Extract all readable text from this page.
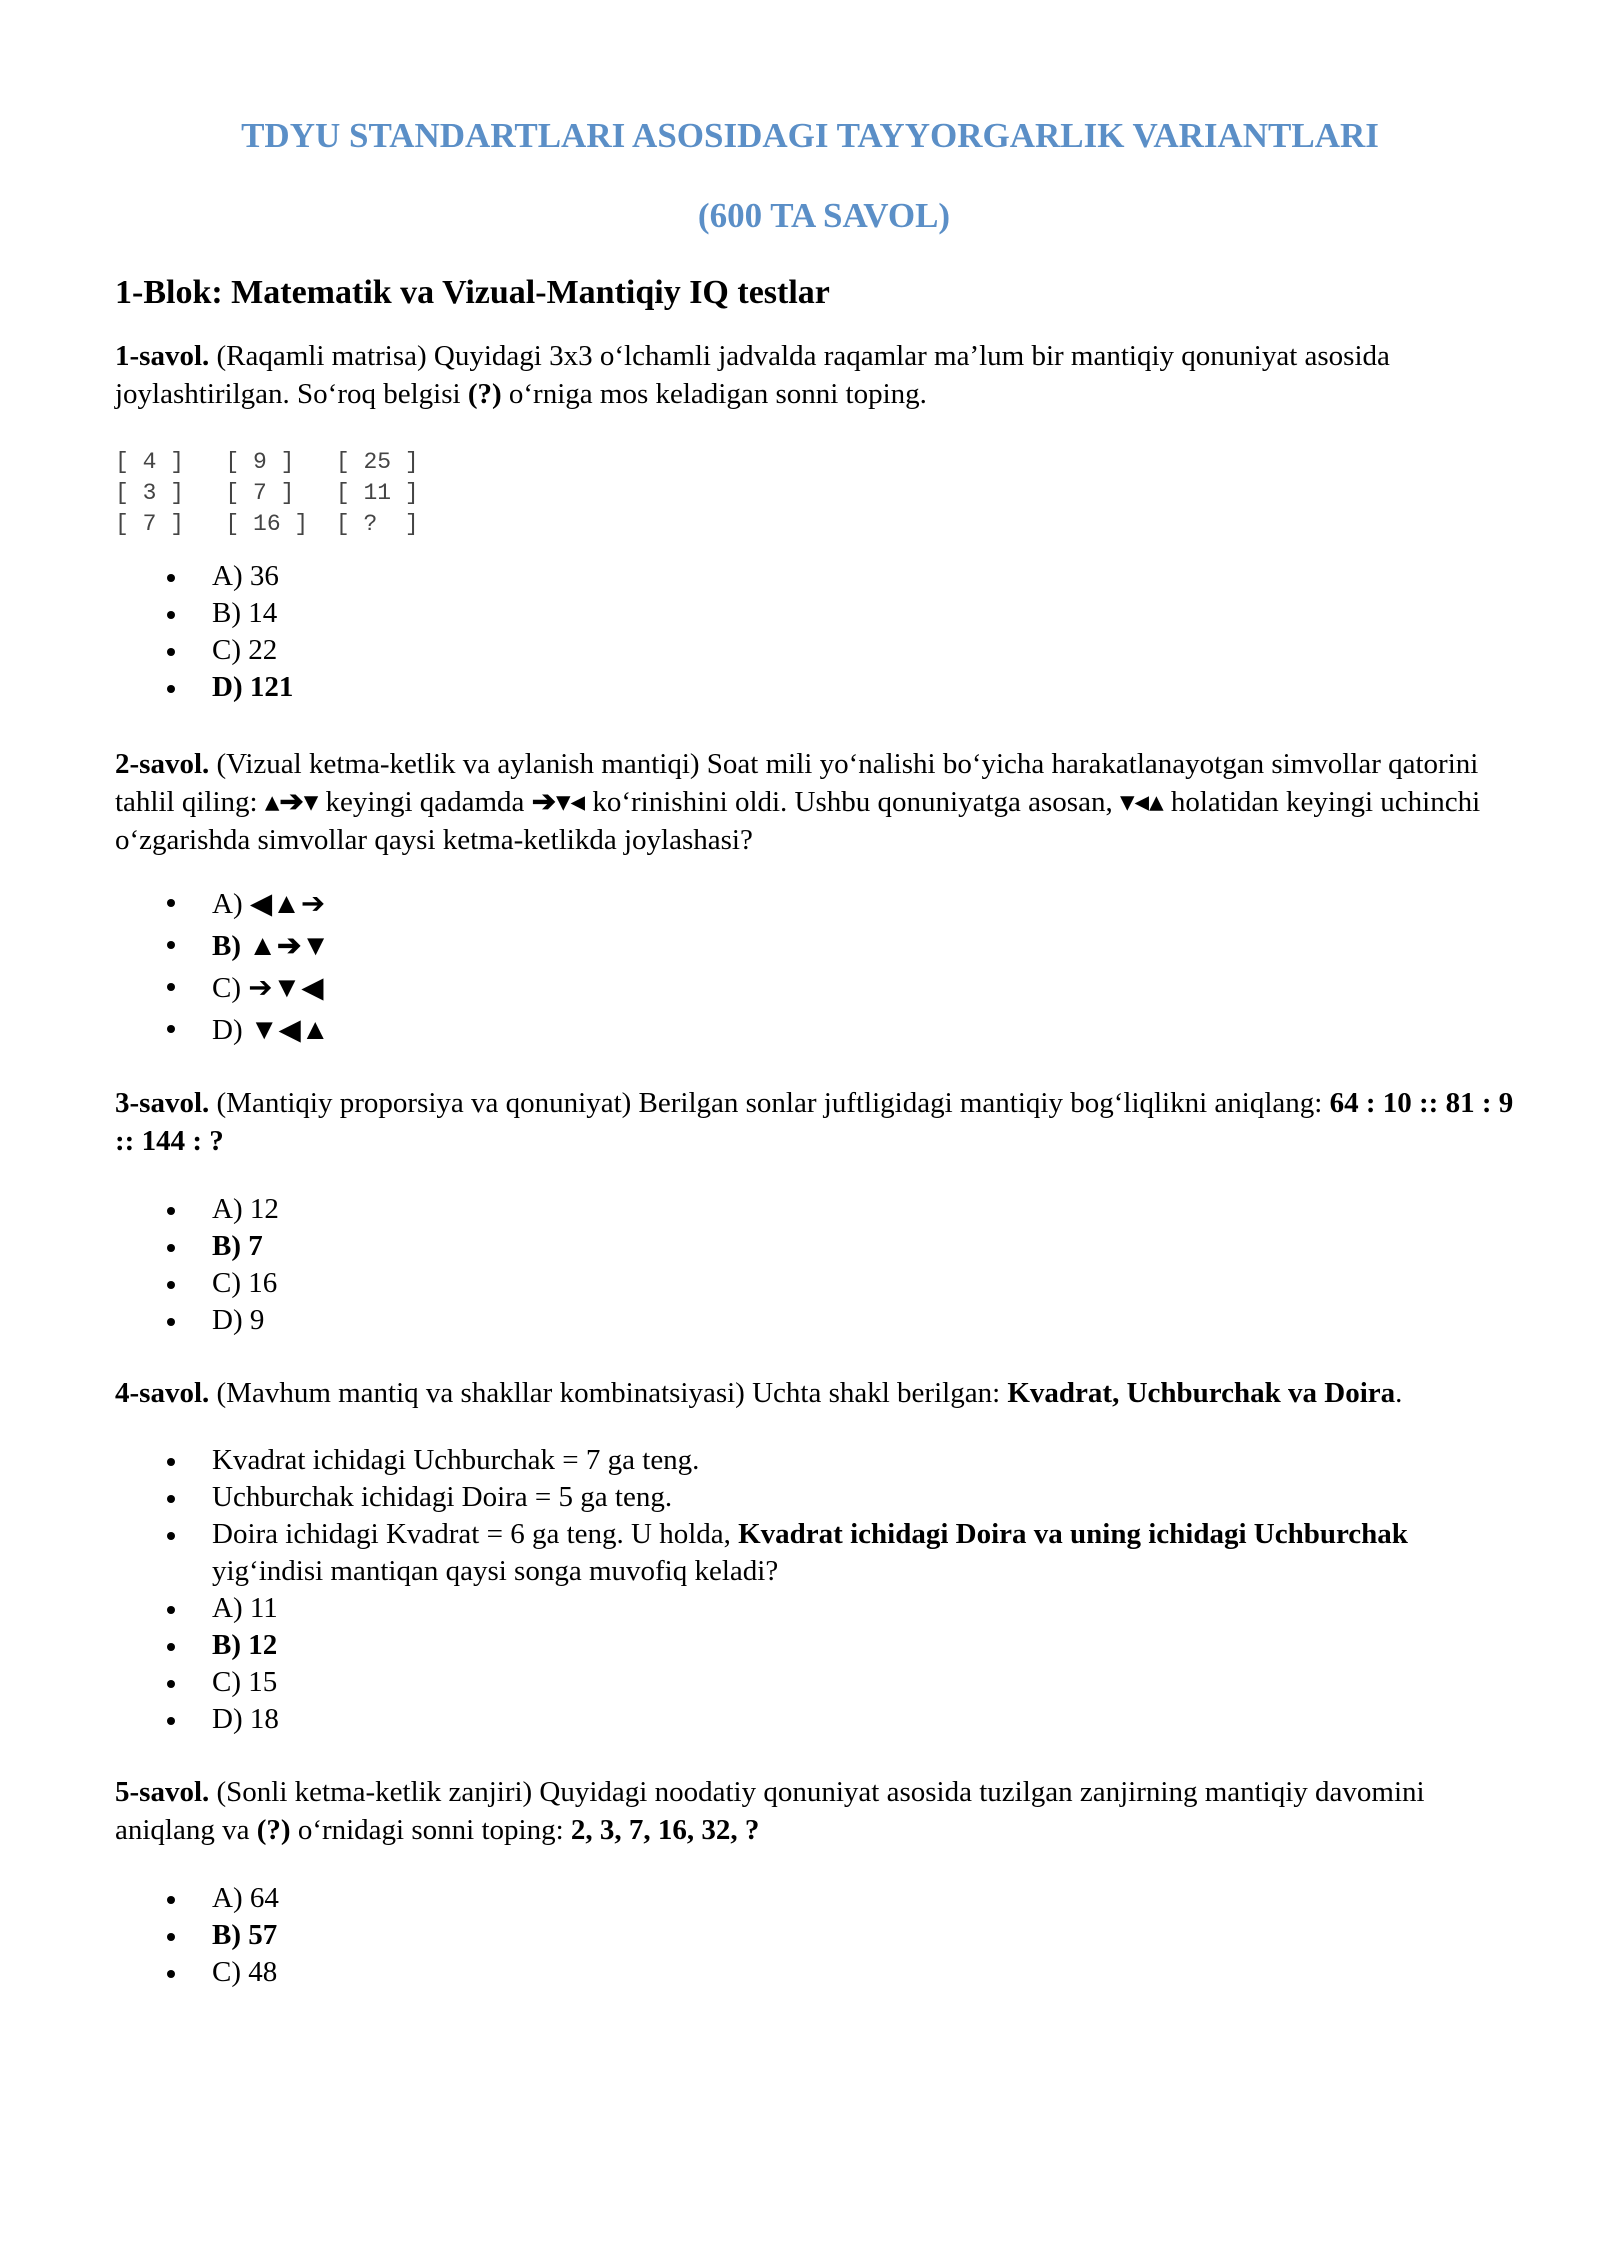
TDYU STANDARTLARI ASOSIDAGI TAYYORGARLIK VARIANTLARI
(600 TA SAVOL)
1-Blok: Matematik va Vizual-Mantiqiy IQ testlar

1-savol. (Raqamli matrisa) Quyidagi 3x3 o‘lchamli jadvalda raqamlar ma’lum bir mantiqiy qonuniyat asosida joylashtirilgan. So‘roq belgisi (?) o‘rniga mos keladigan sonni toping.

[ 4 ]   [ 9 ]   [ 25 ]
[ 3 ]   [ 7 ]   [ 11 ]
[ 7 ]   [ 16 ]  [ ?  ]
A) 36
B) 14
C) 22
D) 121

2-savol. (Vizual ketma-ketlik va aylanish mantiqi) Soat mili yo‘nalishi bo‘yicha harakatlanayotgan simvollar qatorini tahlil qiling: ▴➔▾ keyingi qadamda ➔▾◂ ko‘rinishini oldi. Ushbu qonuniyatga asosan, ▾◂▴ holatidan keyingi uchinchi o‘zgarishda simvollar qaysi ketma-ketlikda joylashasi?

A) ◀▲➔
B) ▲➔▼
C) ➔▼◀
D) ▼◀▲

3-savol. (Mantiqiy proporsiya va qonuniyat) Berilgan sonlar juftligidagi mantiqiy bog‘liqlikni aniqlang: 64 : 10 :: 81 : 9 :: 144 : ?

A) 12
B) 7
C) 16
D) 9

4-savol. (Mavhum mantiq va shakllar kombinatsiyasi) Uchta shakl berilgan: Kvadrat, Uchburchak va Doira.

Kvadrat ichidagi Uchburchak = 7 ga teng.
Uchburchak ichidagi Doira = 5 ga teng.
Doira ichidagi Kvadrat = 6 ga teng. U holda, Kvadrat ichidagi Doira va uning ichidagi Uchburchak yig‘indisi mantiqan qaysi songa muvofiq keladi?
A) 11
B) 12
C) 15
D) 18

5-savol. (Sonli ketma-ketlik zanjiri) Quyidagi noodatiy qonuniyat asosida tuzilgan zanjirning mantiqiy davomini aniqlang va (?) o‘rnidagi sonni toping: 2, 3, 7, 16, 32, ?

A) 64
B) 57
C) 48
